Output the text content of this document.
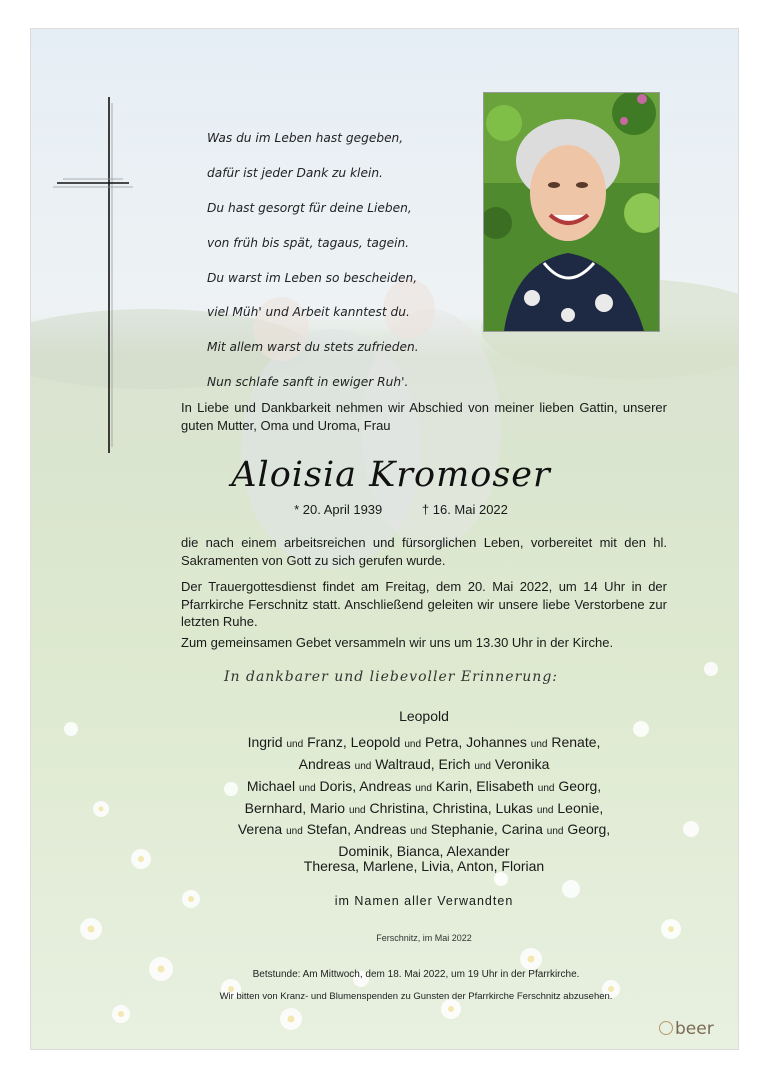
Was du im Leben hast gegeben,

dafür ist jeder Dank zu klein.

Du hast gesorgt für deine Lieben,

von früh bis spät, tagaus, tagein.

Du warst im Leben so bescheiden,

viel Müh' und Arbeit kanntest du.

Mit allem warst du stets zufrieden.

Nun schlafe sanft in ewiger Ruh'.

In Liebe und Dankbarkeit nehmen wir Abschied von meiner lieben Gattin, unserer guten Mutter, Oma und Uroma, Frau
Aloisia Kromoser
* 20. April 1939	† 16. Mai 2022
die nach einem arbeitsreichen und fürsorglichen Leben, vorbereitet mit den hl. Sakramenten von Gott zu sich gerufen wurde.
Der Trauergottesdienst findet am Freitag, dem 20. Mai 2022, um 14 Uhr in der Pfarrkirche Ferschnitz statt. Anschließend geleiten wir unsere liebe Verstorbene zur letzten Ruhe.
Zum gemeinsamen Gebet versammeln wir uns um 13.30 Uhr in der Kirche.
In dankbarer und liebevoller Erinnerung:
Leopold
Ingrid und Franz, Leopold und Petra, Johannes und Renate,
Andreas und Waltraud, Erich und Veronika
Michael und Doris, Andreas und Karin, Elisabeth und Georg,
Bernhard, Mario und Christina, Christina, Lukas und Leonie,
Verena und Stefan, Andreas und Stephanie, Carina und Georg,
Dominik, Bianca, Alexander
Theresa, Marlene, Livia, Anton, Florian
im Namen aller Verwandten
Ferschnitz, im Mai 2022
Betstunde: Am Mittwoch, dem 18. Mai 2022, um 19 Uhr in der Pfarrkirche.
Wir bitten von Kranz- und Blumenspenden zu Gunsten der Pfarrkirche Ferschnitz abzusehen.
beer
